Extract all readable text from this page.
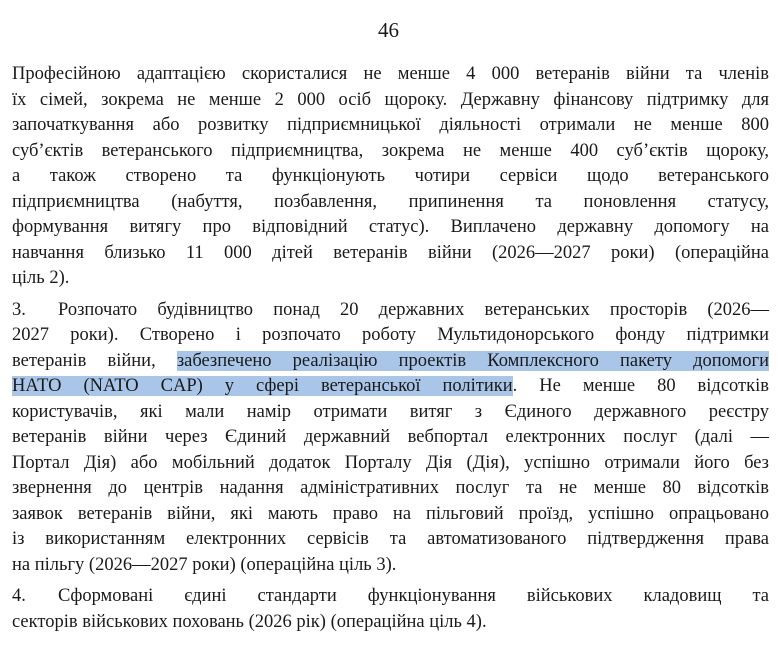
46
Професійною адаптацією скористалися не менше 4 000 ветеранів війни та членів
їх сімей, зокрема не менше 2 000 осіб щороку. Державну фінансову підтримку для
започаткування або розвитку підприємницької діяльності отримали не менше 800
суб’єктів ветеранського підприємництва, зокрема не менше 400 суб’єктів щороку,
а також створено та функціонують чотири сервіси щодо ветеранського
підприємництва (набуття, позбавлення, припинення та поновлення статусу,
формування витягу про відповідний статус). Виплачено державну допомогу на
навчання близько 11 000 дітей ветеранів війни (2026—2027 роки) (операційна
ціль 2).
3. Розпочато будівництво понад 20 державних ветеранських просторів (2026—
2027 роки). Створено і розпочато роботу Мультидонорського фонду підтримки
ветеранів війни, забезпечено реалізацію проектів Комплексного пакету допомоги
НАТО (NATO CAP) у сфері ветеранської політики. Не менше 80 відсотків
користувачів, які мали намір отримати витяг з Єдиного державного реєстру
ветеранів війни через Єдиний державний вебпортал електронних послуг (далі —
Портал Дія) або мобільний додаток Порталу Дія (Дія), успішно отримали його без
звернення до центрів надання адміністративних послуг та не менше 80 відсотків
заявок ветеранів війни, які мають право на пільговий проїзд, успішно опрацьовано
із використанням електронних сервісів та автоматизованого підтвердження права
на пільгу (2026—2027 роки) (операційна ціль 3).
4. Сформовані єдині стандарти функціонування військових кладовищ та
секторів військових поховань (2026 рік) (операційна ціль 4).
